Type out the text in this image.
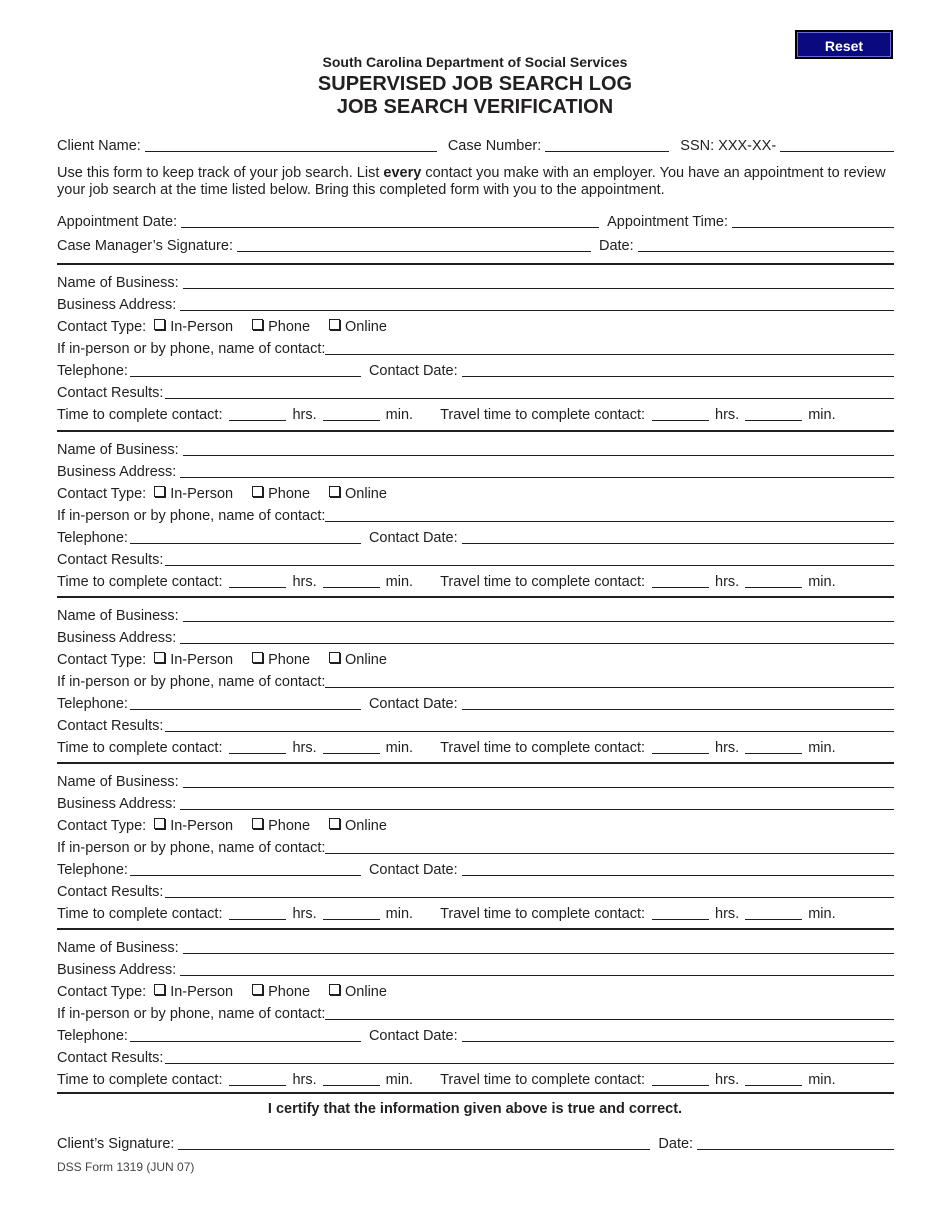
Reset
South Carolina Department of Social Services
SUPERVISED JOB SEARCH LOG
JOB SEARCH VERIFICATION
Client Name:	Case Number:	SSN: XXX-XX-
Use this form to keep track of your job search. List every contact you make with an employer. You have an appointment to review your job search at the time listed below. Bring this completed form with you to the appointment.
Appointment Date:	Appointment Time:
Case Manager’s Signature:	Date:
Name of Business:
Business Address:
Contact Type:	In-Person	Phone	Online
If in-person or by phone, name of contact:
Telephone:	Contact Date:
Contact Results:
Time to complete contact:	hrs.	min. Travel time to complete contact:	hrs.	min.
Name of Business:
Business Address:
Contact Type:	In-Person	Phone	Online
If in-person or by phone, name of contact:
Telephone:	Contact Date:
Contact Results:
Time to complete contact:	hrs.	min. Travel time to complete contact:	hrs.	min.
Name of Business:
Business Address:
Contact Type:	In-Person	Phone	Online
If in-person or by phone, name of contact:
Telephone:	Contact Date:
Contact Results:
Time to complete contact:	hrs.	min. Travel time to complete contact:	hrs.	min.
Name of Business:
Business Address:
Contact Type:	In-Person	Phone	Online
If in-person or by phone, name of contact:
Telephone:	Contact Date:
Contact Results:
Time to complete contact:	hrs.	min. Travel time to complete contact:	hrs.	min.
Name of Business:
Business Address:
Contact Type:	In-Person	Phone	Online
If in-person or by phone, name of contact:
Telephone:	Contact Date:
Contact Results:
Time to complete contact:	hrs.	min. Travel time to complete contact:	hrs.	min.
I certify that the information given above is true and correct.
Client’s Signature:	Date:
DSS Form 1319 (JUN 07)
